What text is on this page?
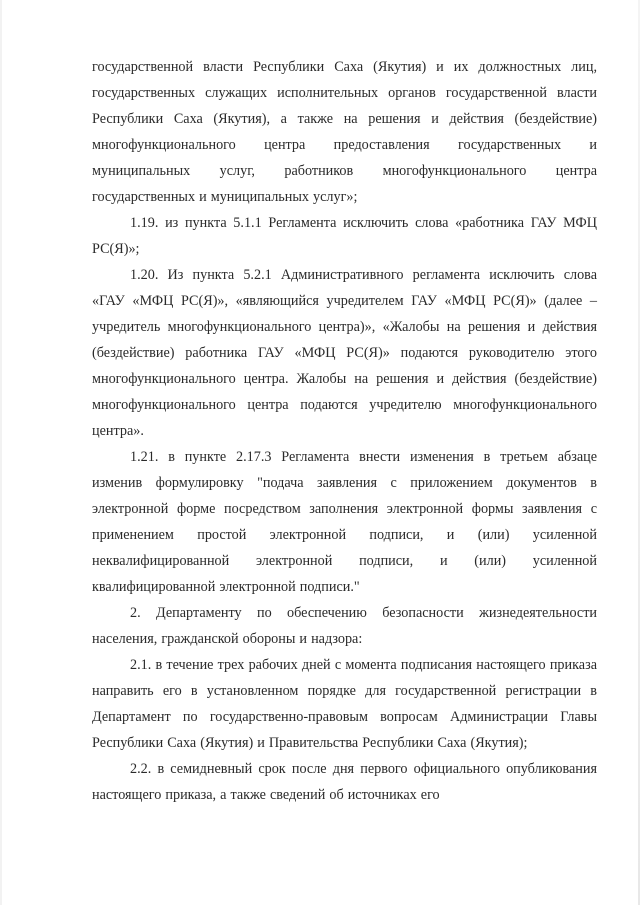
государственной власти Республики Саха (Якутия) и их должностных лиц, государственных служащих исполнительных органов государственной власти Республики Саха (Якутия), а также на решения и действия (бездействие) многофункционального центра предоставления государственных и муниципальных услуг, работников многофункционального центра государственных и муниципальных услуг»;

1.19. из пункта 5.1.1 Регламента исключить слова «работника ГАУ МФЦ РС(Я)»;

1.20. Из пункта 5.2.1 Административного регламента исключить слова «ГАУ «МФЦ РС(Я)», «являющийся учредителем ГАУ «МФЦ РС(Я)» (далее – учредитель многофункционального центра)», «Жалобы на решения и действия (бездействие) работника ГАУ «МФЦ РС(Я)» подаются руководителю этого многофункционального центра. Жалобы на решения и действия (бездействие) многофункционального центра подаются учредителю многофункционального центра».

1.21. в пункте 2.17.3 Регламента внести изменения в третьем абзаце изменив формулировку "подача заявления с приложением документов в электронной форме посредством заполнения электронной формы заявления с применением простой электронной подписи, и (или) усиленной неквалифицированной электронной подписи, и (или) усиленной квалифицированной электронной подписи."

2. Департаменту по обеспечению безопасности жизнедеятельности населения, гражданской обороны и надзора:

2.1. в течение трех рабочих дней с момента подписания настоящего приказа направить его в установленном порядке для государственной регистрации в Департамент по государственно-правовым вопросам Администрации Главы Республики Саха (Якутия) и Правительства Республики Саха (Якутия);

2.2. в семидневный срок после дня первого официального опубликования настоящего приказа, а также сведений об источниках его
